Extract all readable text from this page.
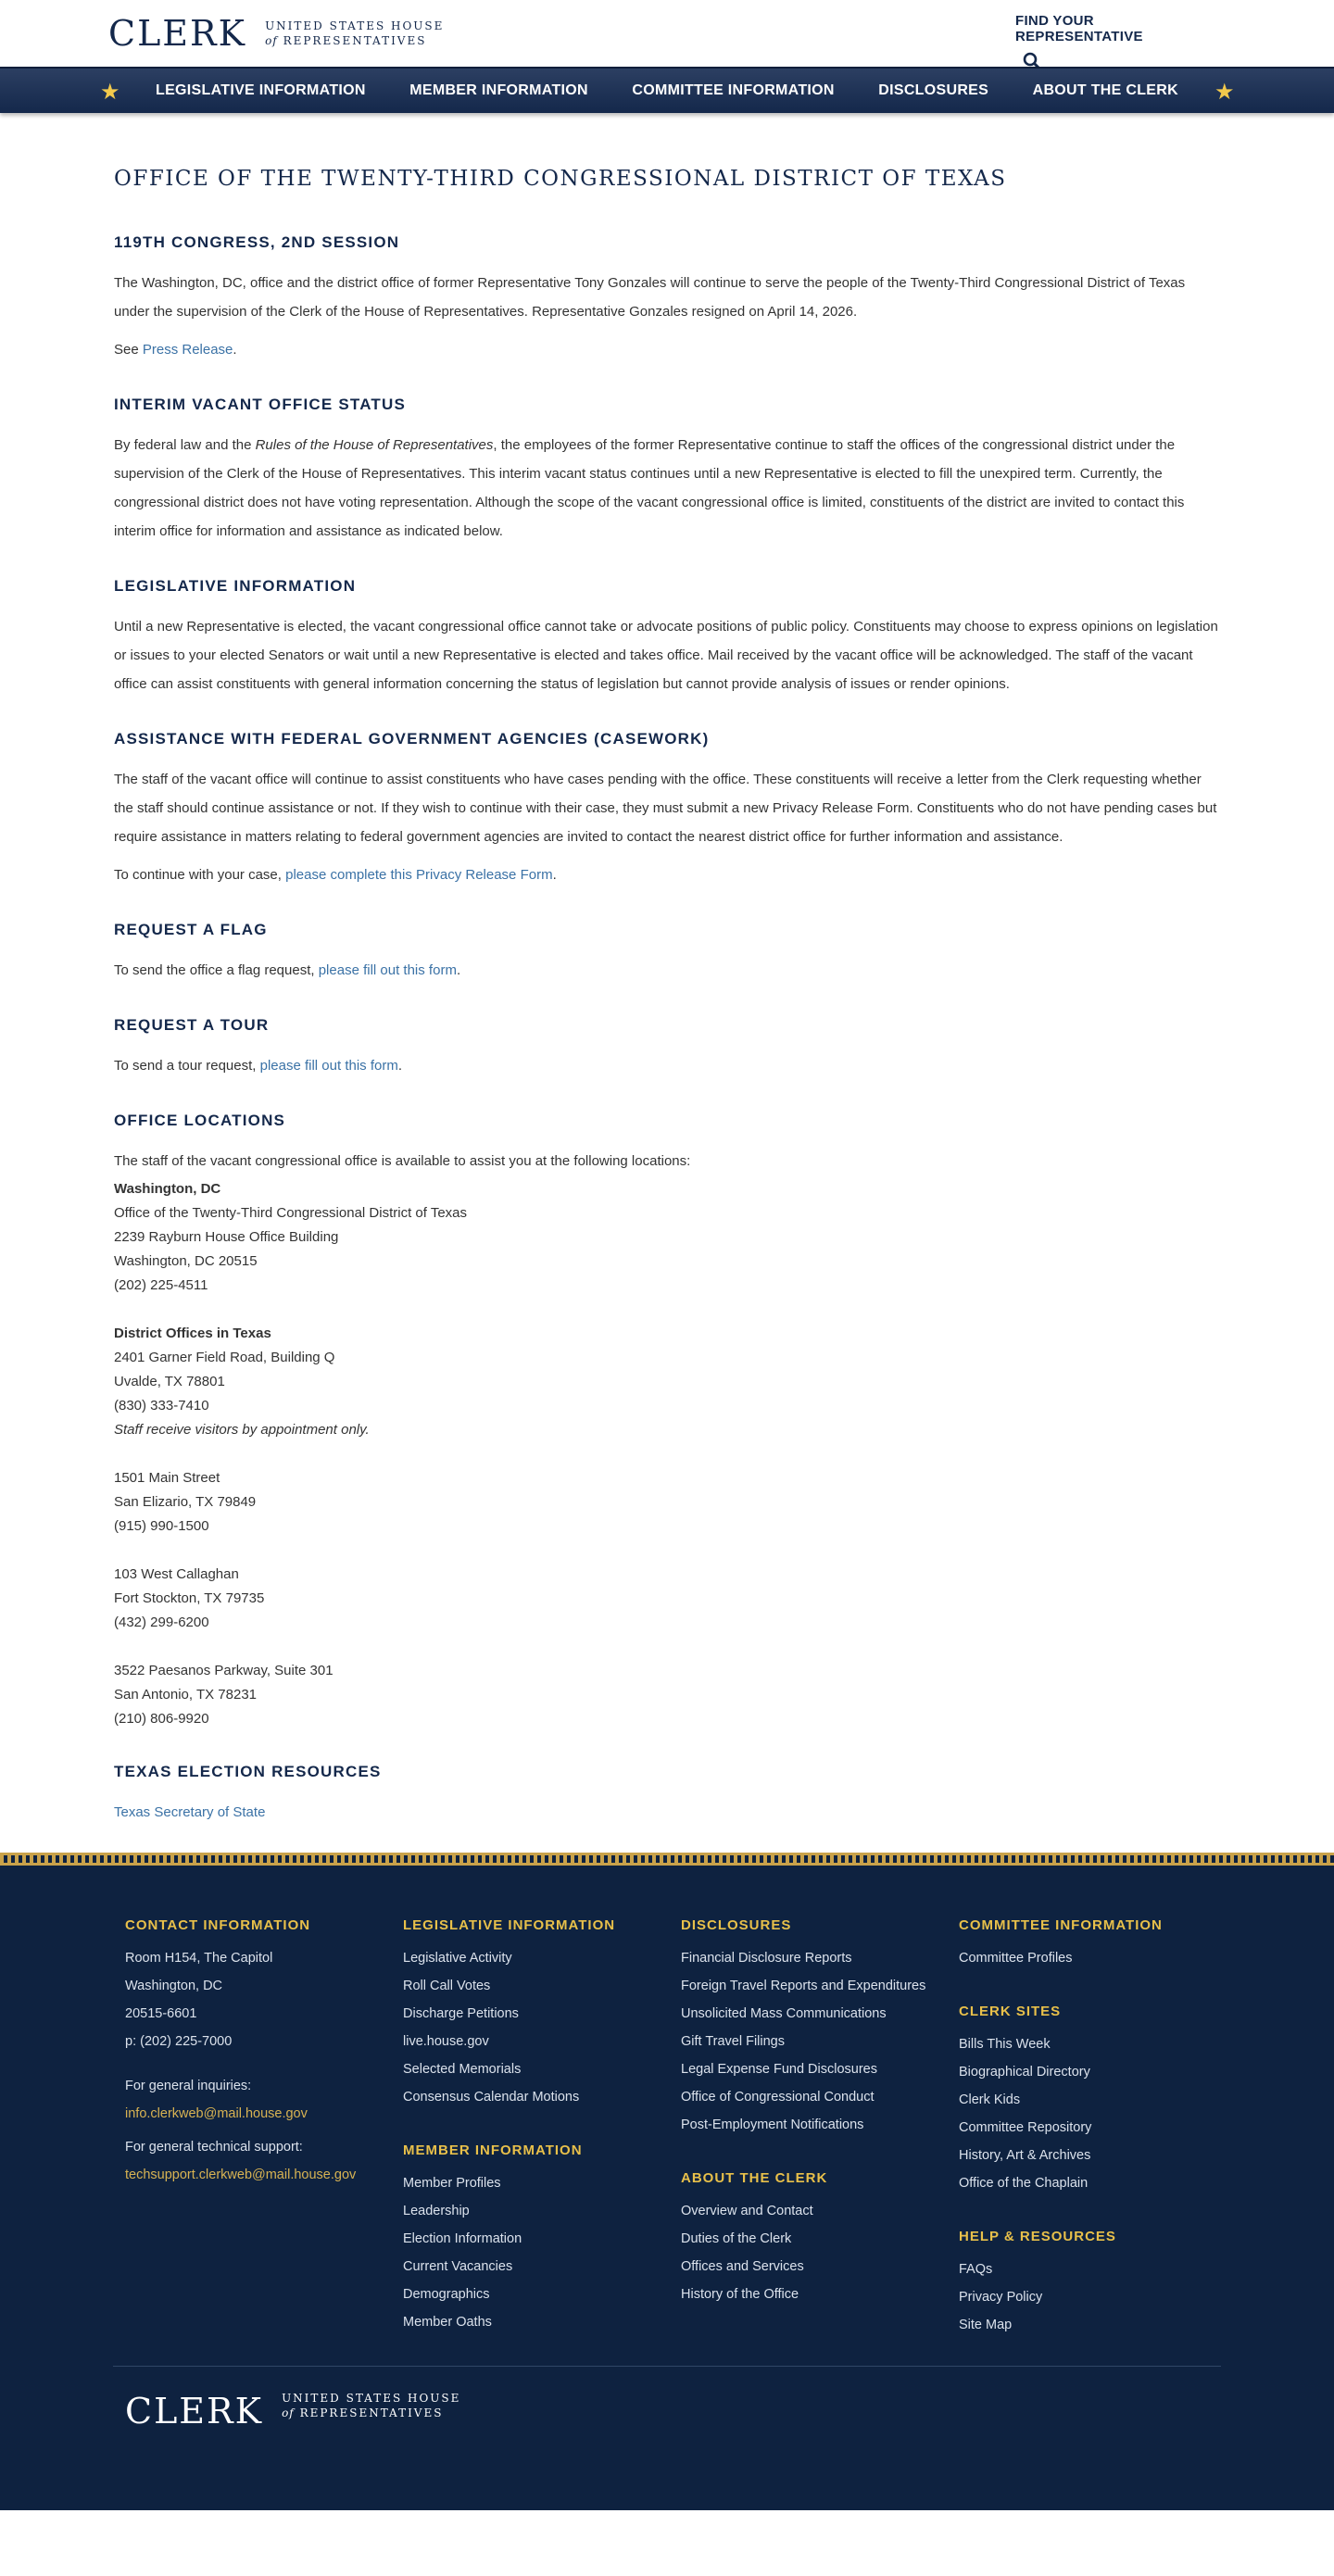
CLERK	UNITED STATES HOUSE
of REPRESENTATIVES
FIND YOUR REPRESENTATIVE
★ LEGISLATIVE INFORMATION	MEMBER INFORMATION	COMMITTEE INFORMATION	DISCLOSURES	ABOUT THE CLERK ★
OFFICE OF THE TWENTY-THIRD CONGRESSIONAL DISTRICT OF TEXAS
119TH CONGRESS, 2ND SESSION

The Washington, DC, office and the district office of former Representative Tony Gonzales will continue to serve the people of the Twenty-Third Congressional District of Texas under the supervision of the Clerk of the House of Representatives. Representative Gonzales resigned on April 14, 2026.

See Press Release.

INTERIM VACANT OFFICE STATUS

By federal law and the Rules of the House of Representatives, the employees of the former Representative continue to staff the offices of the congressional district under the supervision of the Clerk of the House of Representatives. This interim vacant status continues until a new Representative is elected to fill the unexpired term. Currently, the congressional district does not have voting representation. Although the scope of the vacant congressional office is limited, constituents of the district are invited to contact this interim office for information and assistance as indicated below.

LEGISLATIVE INFORMATION

Until a new Representative is elected, the vacant congressional office cannot take or advocate positions of public policy. Constituents may choose to express opinions on legislation or issues to your elected Senators or wait until a new Representative is elected and takes office. Mail received by the vacant office will be acknowledged. The staff of the vacant office can assist constituents with general information concerning the status of legislation but cannot provide analysis of issues or render opinions.

ASSISTANCE WITH FEDERAL GOVERNMENT AGENCIES (CASEWORK)

The staff of the vacant office will continue to assist constituents who have cases pending with the office. These constituents will receive a letter from the Clerk requesting whether the staff should continue assistance or not. If they wish to continue with their case, they must submit a new Privacy Release Form. Constituents who do not have pending cases but require assistance in matters relating to federal government agencies are invited to contact the nearest district office for further information and assistance.

To continue with your case, please complete this Privacy Release Form.

REQUEST A FLAG

To send the office a flag request, please fill out this form.

REQUEST A TOUR

To send a tour request, please fill out this form.

OFFICE LOCATIONS

The staff of the vacant congressional office is available to assist you at the following locations:

Washington, DC
Office of the Twenty-Third Congressional District of Texas
2239 Rayburn House Office Building
Washington, DC 20515
(202) 225-4511
District Offices in Texas
2401 Garner Field Road, Building Q
Uvalde, TX 78801
(830) 333-7410
Staff receive visitors by appointment only.
1501 Main Street
San Elizario, TX 79849
(915) 990-1500
103 West Callaghan
Fort Stockton, TX 79735
(432) 299-6200
3522 Paesanos Parkway, Suite 301
San Antonio, TX 78231
(210) 806-9920
TEXAS ELECTION RESOURCES

Texas Secretary of State

CONTACT INFORMATION
Room H154, The Capitol
Washington, DC
20515-6601
p: (202) 225-7000
For general inquiries:
info.clerkweb@mail.house.gov
For general technical support:
techsupport.clerkweb@mail.house.gov
LEGISLATIVE INFORMATION
Legislative Activity
Roll Call Votes
Discharge Petitions
live.house.gov
Selected Memorials
Consensus Calendar Motions
MEMBER INFORMATION
Member Profiles
Leadership
Election Information
Current Vacancies
Demographics
Member Oaths
DISCLOSURES
Financial Disclosure Reports
Foreign Travel Reports and Expenditures
Unsolicited Mass Communications
Gift Travel Filings
Legal Expense Fund Disclosures
Office of Congressional Conduct
Post-Employment Notifications
ABOUT THE CLERK
Overview and Contact
Duties of the Clerk
Offices and Services
History of the Office
COMMITTEE INFORMATION
Committee Profiles
CLERK SITES
Bills This Week
Biographical Directory
Clerk Kids
Committee Repository
History, Art & Archives
Office of the Chaplain
HELP & RESOURCES
FAQs
Privacy Policy
Site Map
CLERK	UNITED STATES HOUSE
of REPRESENTATIVES
